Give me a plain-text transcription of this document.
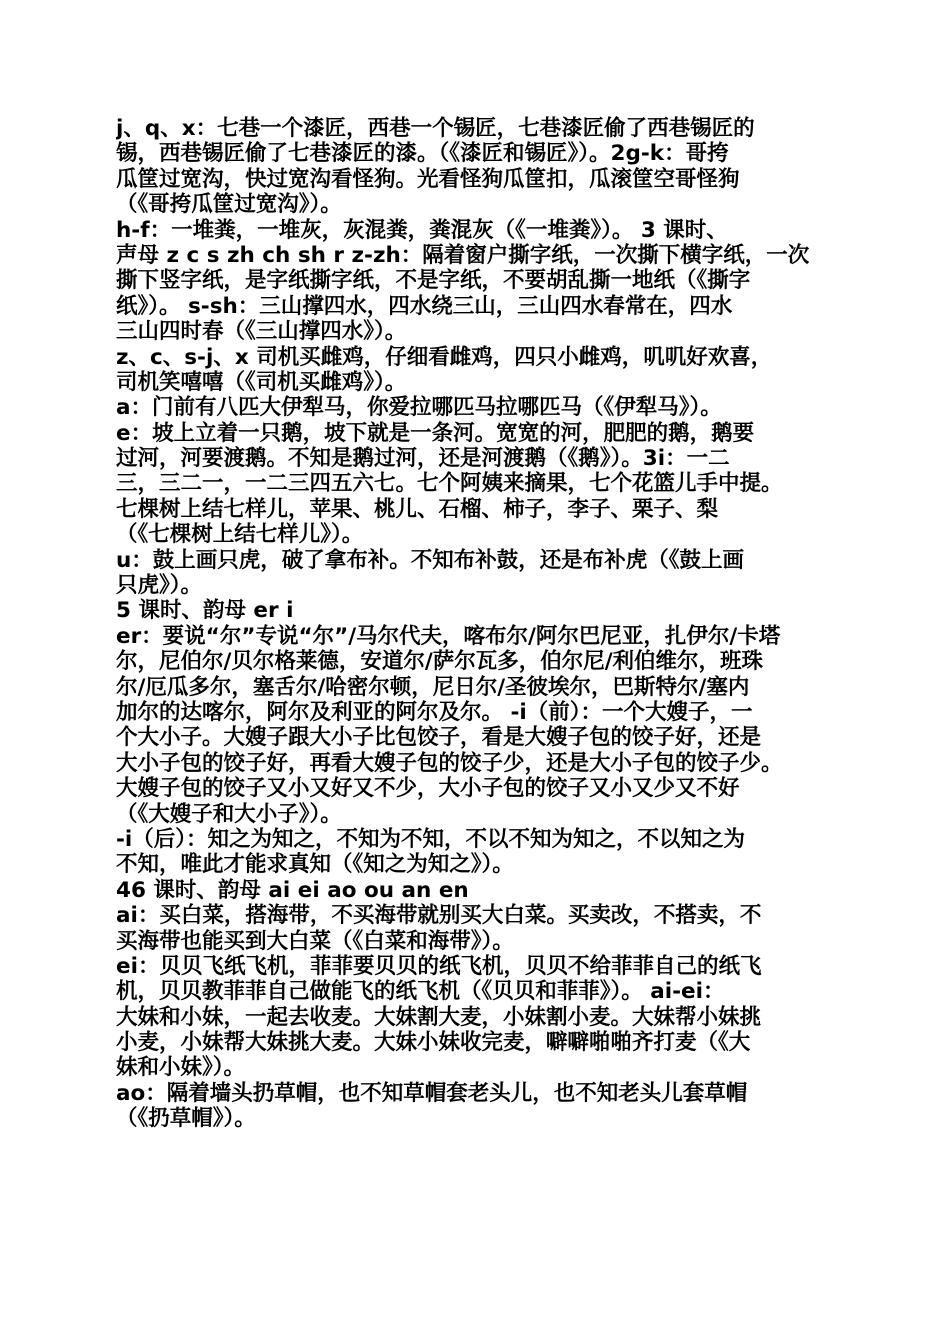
j、q、x：七巷一个漆匠，西巷一个锡匠，七巷漆匠偷了西巷锡匠的
锡，西巷锡匠偷了七巷漆匠的漆。（《漆匠和锡匠》）。2g-k：哥挎
瓜筐过宽沟，快过宽沟看怪狗。光看怪狗瓜筐扣，瓜滚筐空哥怪狗
（《哥挎瓜筐过宽沟》）。
h-f：一堆粪，一堆灰，灰混粪，粪混灰（《一堆粪》）。 3 课时、
声母 z c s zh ch sh r z-zh：隔着窗户撕字纸，一次撕下横字纸，一次
撕下竖字纸，是字纸撕字纸，不是字纸，不要胡乱撕一地纸（《撕字
纸》）。 s-sh：三山撑四水，四水绕三山，三山四水春常在，四水
三山四时春（《三山撑四水》）。
z、c、s-j、x 司机买雌鸡，仔细看雌鸡，四只小雌鸡，叽叽好欢喜，
司机笑嘻嘻（《司机买雌鸡》）。
a：门前有八匹大伊犁马，你爱拉哪匹马拉哪匹马（《伊犁马》）。
e：坡上立着一只鹅，坡下就是一条河。宽宽的河，肥肥的鹅，鹅要
过河，河要渡鹅。不知是鹅过河，还是河渡鹅（《鹅》）。3i：一二
三，三二一，一二三四五六七。七个阿姨来摘果，七个花篮儿手中提。
七棵树上结七样儿，苹果、桃儿、石榴、柿子，李子、栗子、梨
（《七棵树上结七样儿》）。
u：鼓上画只虎，破了拿布补。不知布补鼓，还是布补虎（《鼓上画
只虎》）。
5 课时、韵母 er i
er：要说“尔”专说“尔”/马尔代夫，喀布尔/阿尔巴尼亚，扎伊尔/卡塔
尔，尼伯尔/贝尔格莱德，安道尔/萨尔瓦多，伯尔尼/利伯维尔，班珠
尔/厄瓜多尔，塞舌尔/哈密尔顿，尼日尔/圣彼埃尔，巴斯特尔/塞内
加尔的达喀尔，阿尔及利亚的阿尔及尔。 -i（前）：一个大嫂子，一
个大小子。大嫂子跟大小子比包饺子，看是大嫂子包的饺子好，还是
大小子包的饺子好，再看大嫂子包的饺子少，还是大小子包的饺子少。
大嫂子包的饺子又小又好又不少，大小子包的饺子又小又少又不好
（《大嫂子和大小子》）。
-i（后）：知之为知之，不知为不知，不以不知为知之，不以知之为
不知，唯此才能求真知（《知之为知之》）。
46 课时、韵母 ai ei ao ou an en
ai：买白菜，搭海带，不买海带就别买大白菜。买卖改，不搭卖，不
买海带也能买到大白菜（《白菜和海带》）。
ei：贝贝飞纸飞机，菲菲要贝贝的纸飞机，贝贝不给菲菲自己的纸飞
机，贝贝教菲菲自己做能飞的纸飞机（《贝贝和菲菲》）。 ai-ei：
大妹和小妹，一起去收麦。大妹割大麦，小妹割小麦。大妹帮小妹挑
小麦，小妹帮大妹挑大麦。大妹小妹收完麦，噼噼啪啪齐打麦（《大
妹和小妹》）。
ao：隔着墙头扔草帽，也不知草帽套老头儿，也不知老头儿套草帽
（《扔草帽》）。
